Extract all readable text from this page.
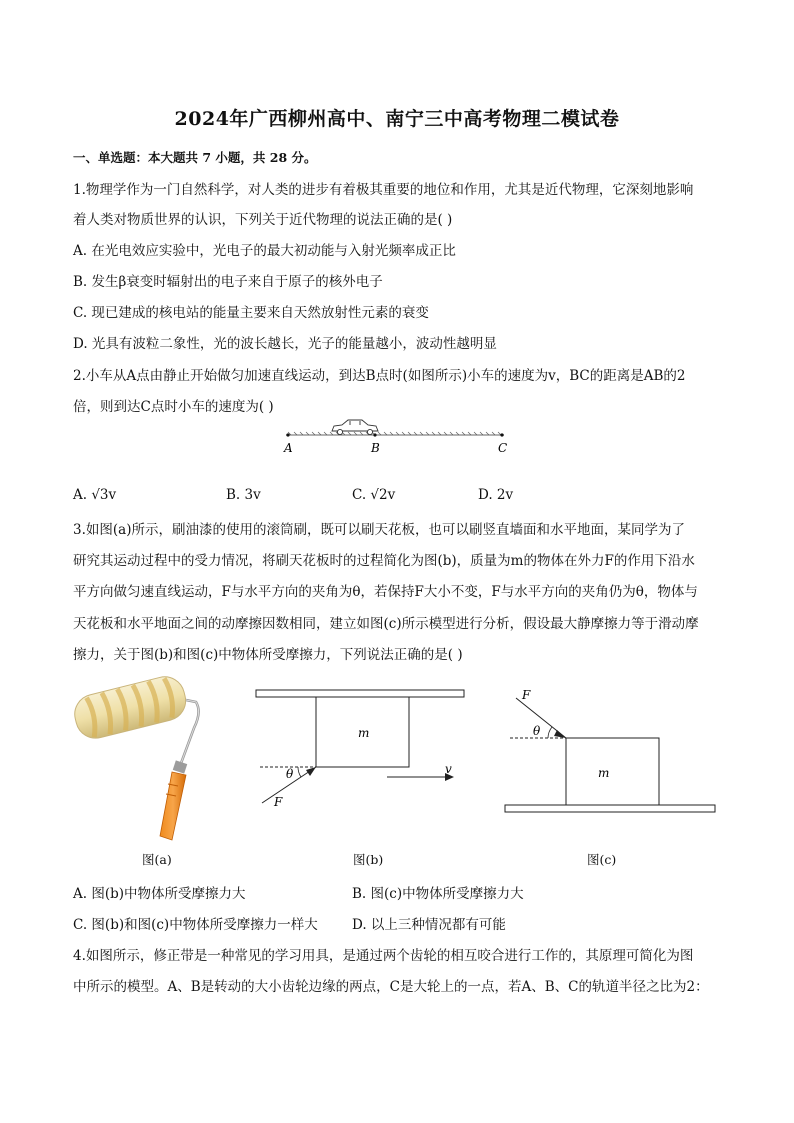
2024年广西柳州高中、南宁三中高考物理二模试卷
一、单选题：本大题共 7 小题，共 28 分。
1.物理学作为一门自然科学，对人类的进步有着极其重要的地位和作用，尤其是近代物理，它深刻地影响
着人类对物质世界的认识，下列关于近代物理的说法正确的是( )
A. 在光电效应实验中，光电子的最大初动能与入射光频率成正比
B. 发生β衰变时辐射出的电子来自于原子的核外电子
C. 现已建成的核电站的能量主要来自天然放射性元素的衰变
D. 光具有波粒二象性，光的波长越长，光子的能量越小，波动性越明显
2.小车从A点由静止开始做匀加速直线运动，到达B点时(如图所示)小车的速度为v，BC的距离是AB的2
倍，则到达C点时小车的速度为( )
A	B	C
A. √3v	B. 3v	C. √2v	D. 2v
3.如图(a)所示，刷油漆的使用的滚筒刷，既可以刷天花板，也可以刷竖直墙面和水平地面，某同学为了
研究其运动过程中的受力情况，将刷天花板时的过程简化为图(b)，质量为m的物体在外力F的作用下沿水
平方向做匀速直线运动，F与水平方向的夹角为θ，若保持F大小不变，F与水平方向的夹角仍为θ，物体与
天花板和水平地面之间的动摩擦因数相同，建立如图(c)所示模型进行分析，假设最大静摩擦力等于滑动摩
擦力，关于图(b)和图(c)中物体所受摩擦力，下列说法正确的是( )
m
θ
F
v	m
θ
F
图(a)	图(b)	图(c)
A. 图(b)中物体所受摩擦力大	B. 图(c)中物体所受摩擦力大
C. 图(b)和图(c)中物体所受摩擦力一样大	D. 以上三种情况都有可能
4.如图所示，修正带是一种常见的学习用具，是通过两个齿轮的相互咬合进行工作的，其原理可简化为图
中所示的模型。A、B是转动的大小齿轮边缘的两点，C是大轮上的一点，若A、B、C的轨道半径之比为2：
